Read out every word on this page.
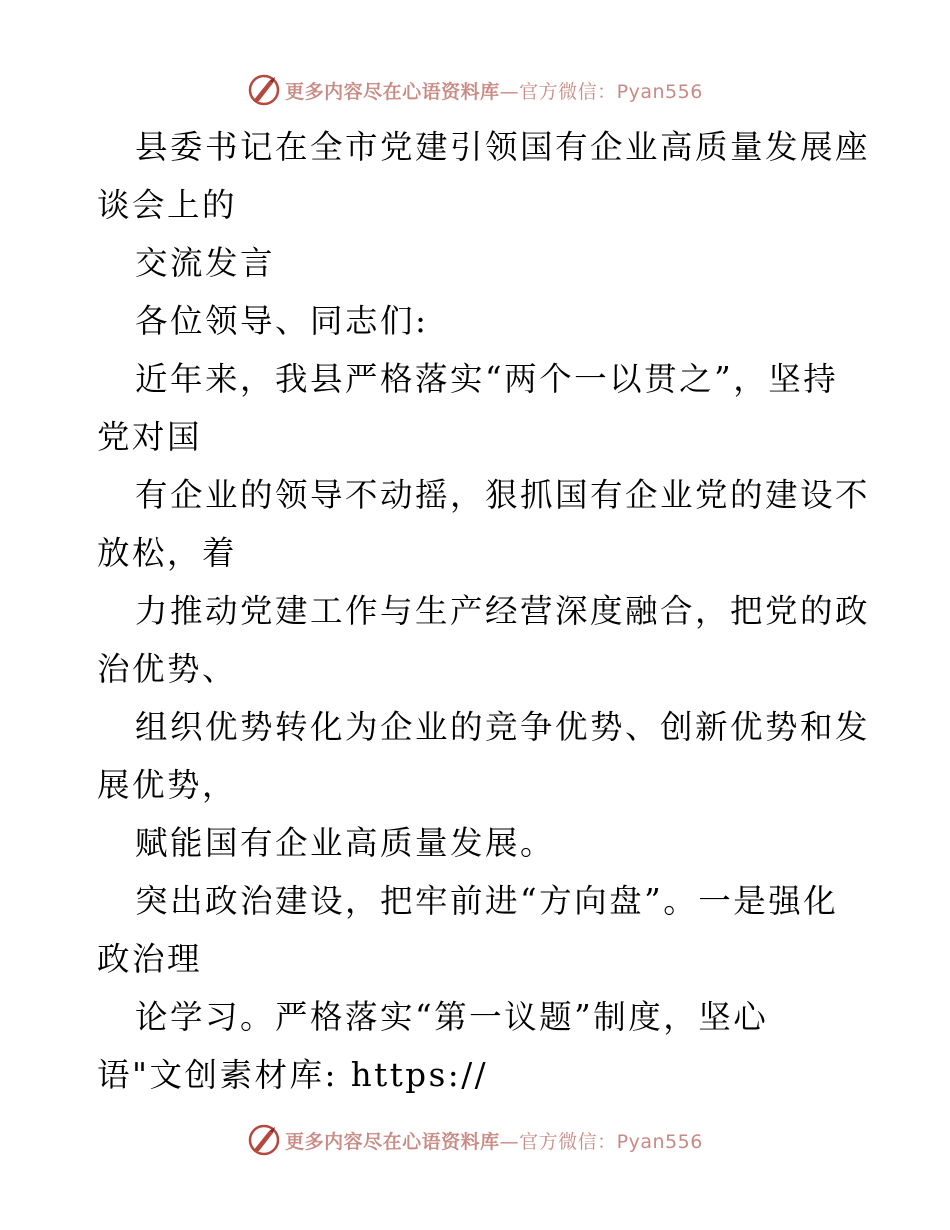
更多内容尽在心语资料库—官方微信：Pyan556
县委书记在全市党建引领国有企业高质量发展座
谈会上的
交流发言
各位领导、同志们:
近年来，我县严格落实“两个一以贯之”，坚持
党对国
有企业的领导不动摇，狠抓国有企业党的建设不
放松，着
力推动党建工作与生产经营深度融合，把党的政
治优势、
组织优势转化为企业的竞争优势、创新优势和发
展优势，
赋能国有企业高质量发展。
突出政治建设，把牢前进“方向盘”。一是强化
政治理
论学习。严格落实“第一议题”制度，坚心
语"文创素材库: https://
更多内容尽在心语资料库—官方微信：Pyan556
